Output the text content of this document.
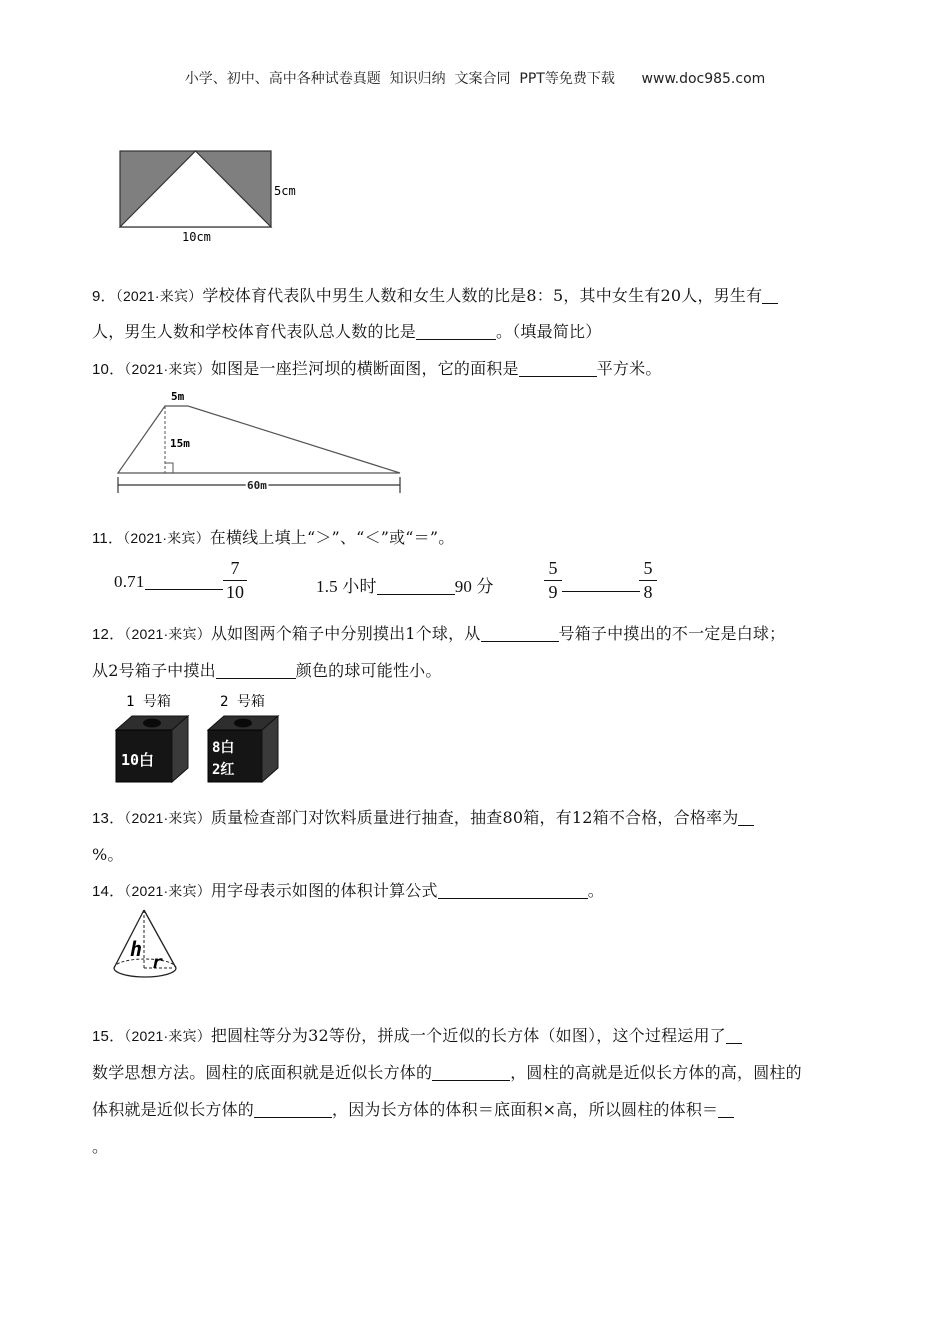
小学、初中、高中各种试卷真题  知识归纳  文案合同  PPT等免费下载 www.doc985.com
5cm
10cm
9．（2021·来宾）学校体育代表队中男生人数和女生人数的比是8：5，其中女生有20人，男生有
人，男生人数和学校体育代表队总人数的比是	。（填最简比）
10．（2021·来宾）如图是一座拦河坝的横断面图，它的面积是	平方米。
5m
15m
60m
11．（2021·来宾）在横线上填上“＞”、“＜”或“＝”。
0.71
7
10	1.5 小时	90 分
5
9
5
8
12．（2021·来宾）从如图两个箱子中分别摸出1个球，从	号箱子中摸出的不一定是白球；
从2号箱子中摸出	颜色的球可能性小。
1 号箱	2 号箱
10白
8白
2红
13．（2021·来宾）质量检查部门对饮料质量进行抽查，抽查80箱，有12箱不合格，合格率为
%。
14．（2021·来宾）用字母表示如图的体积计算公式	。
h
r
15．（2021·来宾）把圆柱等分为32等份，拼成一个近似的长方体（如图），这个过程运用了
数学思想方法。圆柱的底面积就是近似长方体的	，圆柱的高就是近似长方体的高，圆柱的
体积就是近似长方体的	，因为长方体的体积＝底面积×高，所以圆柱的体积＝
。
